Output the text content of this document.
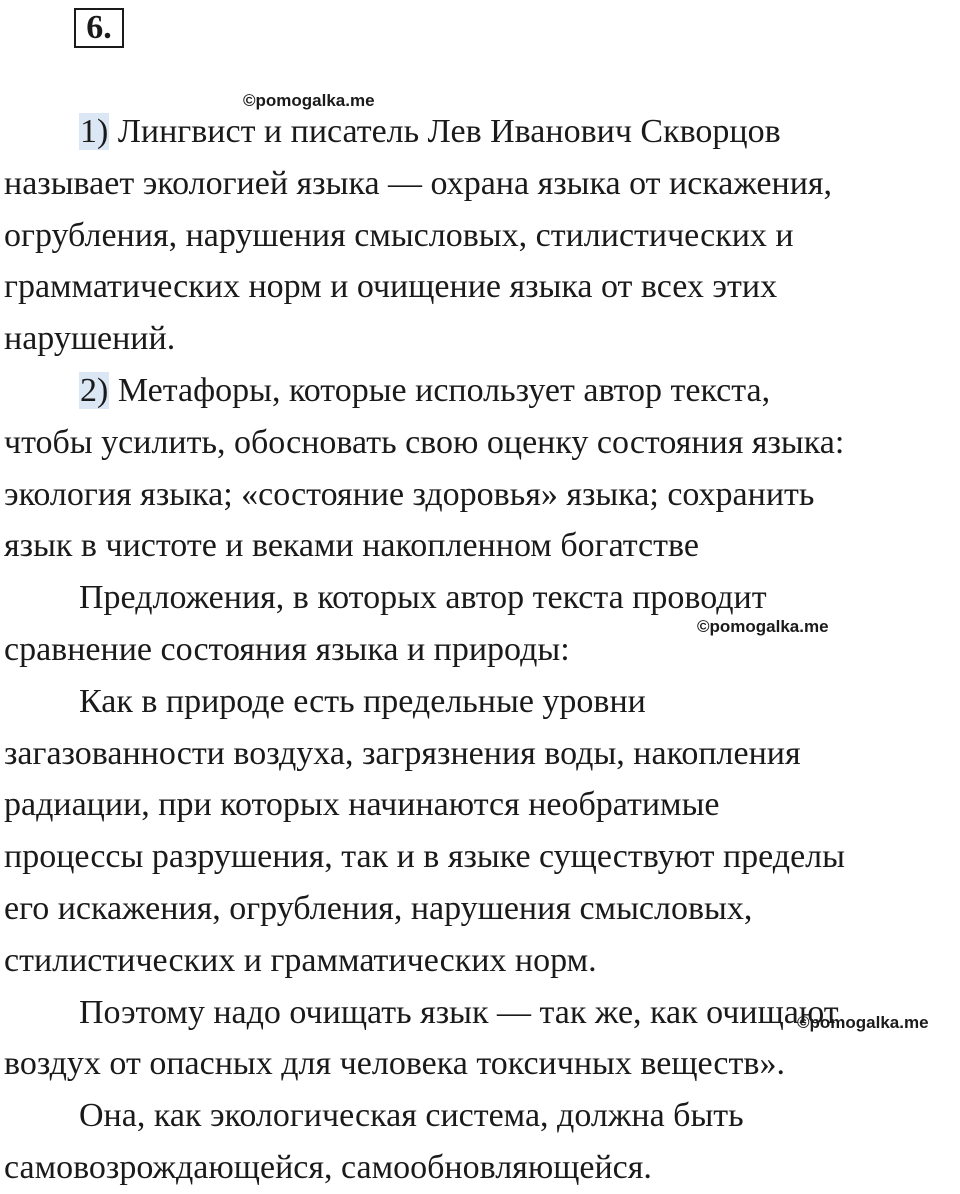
6.
©pomogalka.me
©pomogalka.me
©pomogalka.me
1) Лингвист и писатель Лев Иванович Скворцов
называет экологией языка — охрана языка от искажения,
огрубления, нарушения смысловых, стилистических и
грамматических норм и очищение языка от всех этих
нарушений.
2) Метафоры, которые использует автор текста,
чтобы усилить, обосновать свою оценку состояния языка:
экология языка; «состояние здоровья» языка; сохранить
язык в чистоте и веками накопленном богатстве
Предложения, в которых автор текста проводит
сравнение состояния языка и природы:
Как в природе есть предельные уровни
загазованности воздуха, загрязнения воды, накопления
радиации, при которых начинаются необратимые
процессы разрушения, так и в языке существуют пределы
его искажения, огрубления, нарушения смысловых,
стилистических и грамматических норм.
Поэтому надо очищать язык — так же, как очищают
воздух от опасных для человека токсичных веществ».
Она, как экологическая система, должна быть
самовозрождающейся, самообновляющейся.
